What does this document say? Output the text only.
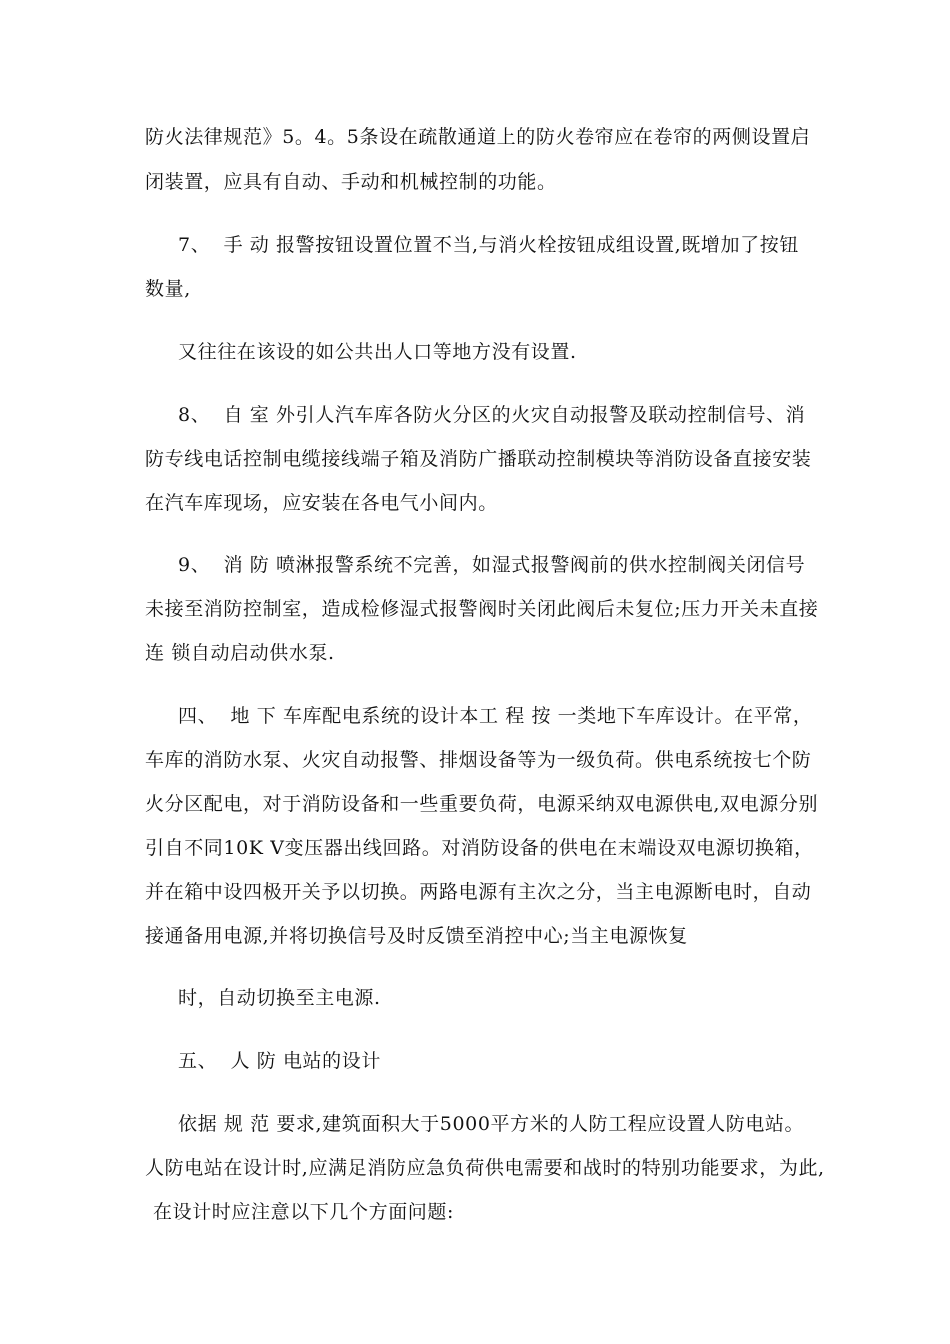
防火法律规范》5。4。5条设在疏散通道上的防火卷帘应在卷帘的两侧设置启
闭装置，应具有自动、手动和机械控制的功能。
7、  手 动 报警按钮设置位置不当,与消火栓按钮成组设置,既增加了按钮
数量,
又往往在该设的如公共出人口等地方没有设置.
8、  自 室 外引人汽车库各防火分区的火灾自动报警及联动控制信号、消
防专线电话控制电缆接线端子箱及消防广播联动控制模块等消防设备直接安装
在汽车库现场，应安装在各电气小间内。
9、  消 防 喷淋报警系统不完善，如湿式报警阀前的供水控制阀关闭信号
未接至消防控制室，造成检修湿式报警阀时关闭此阀后未复位;压力开关未直接
连 锁自动启动供水泵.
四、  地 下 车库配电系统的设计本工 程 按 一类地下车库设计。在平常，
车库的消防水泵、火灾自动报警、排烟设备等为一级负荷。供电系统按七个防
火分区配电，对于消防设备和一些重要负荷，电源采纳双电源供电,双电源分别
引自不同10K V变压器出线回路。对消防设备的供电在末端设双电源切换箱，
并在箱中设四极开关予以切换。两路电源有主次之分，当主电源断电时，自动
接通备用电源,并将切换信号及时反馈至消控中心;当主电源恢复
时，自动切换至主电源.
五、  人 防 电站的设计
依据 规 范 要求,建筑面积大于5000平方米的人防工程应设置人防电站。
人防电站在设计时,应满足消防应急负荷供电需要和战时的特别功能要求，为此,
在设计时应注意以下几个方面问题:
